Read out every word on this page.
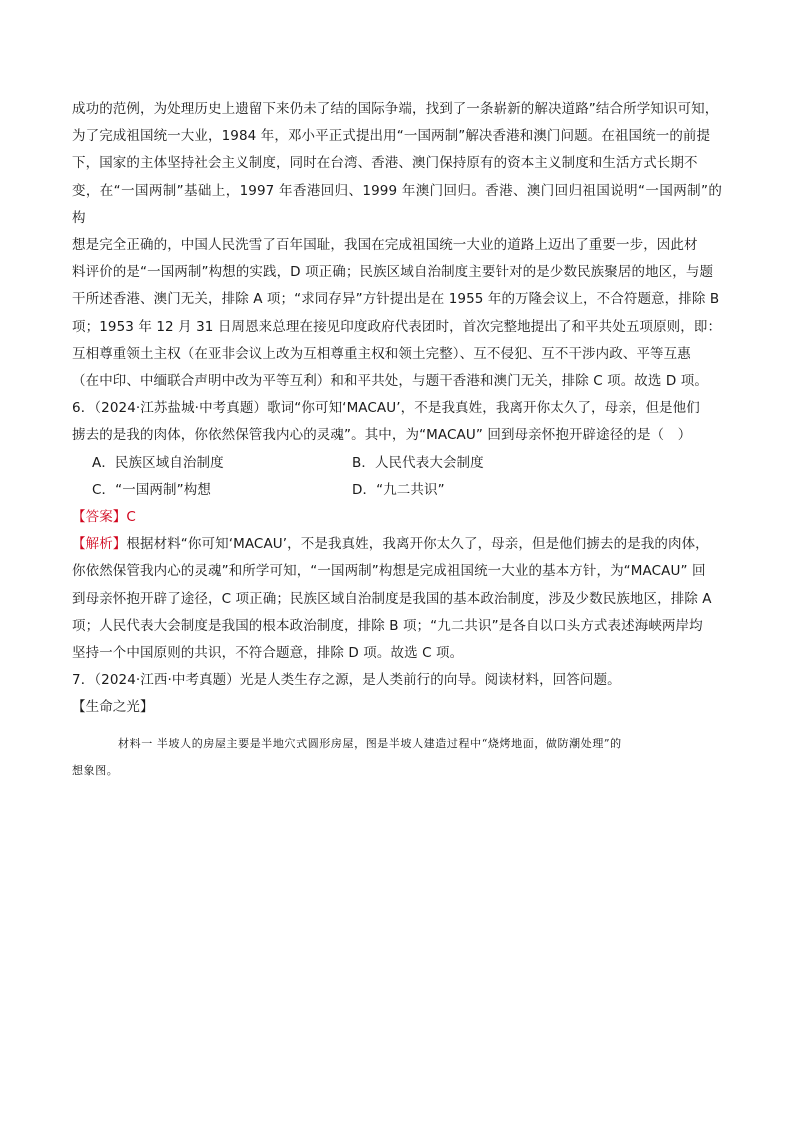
成功的范例，为处理历史上遗留下来仍未了结的国际争端，找到了一条崭新的解决道路”结合所学知识可知，

为了完成祖国统一大业，1984 年，邓小平正式提出用“一国两制”解决香港和澳门问题。在祖国统一的前提

下，国家的主体坚持社会主义制度，同时在台湾、香港、澳门保持原有的资本主义制度和生活方式长期不

变，在“一国两制”基础上，1997 年香港回归、1999 年澳门回归。香港、澳门回归祖国说明“一国两制”的构

想是完全正确的，中国人民洗雪了百年国耻，我国在完成祖国统一大业的道路上迈出了重要一步，因此材

料评价的是“一国两制”构想的实践，D 项正确；民族区域自治制度主要针对的是少数民族聚居的地区，与题

干所述香港、澳门无关，排除 A 项；“求同存异”方针提出是在 1955 年的万隆会议上，不合符题意，排除 B

项；1953 年 12 月 31 日周恩来总理在接见印度政府代表团时，首次完整地提出了和平共处五项原则，即：

互相尊重领土主权（在亚非会议上改为互相尊重主权和领土完整）、互不侵犯、互不干涉内政、平等互惠

（在中印、中缅联合声明中改为平等互利）和和平共处，与题干香港和澳门无关，排除 C 项。故选 D 项。

6．（2024·江苏盐城·中考真题）歌词“你可知‘MACAU’，不是我真姓，我离开你太久了，母亲，但是他们

掳去的是我的肉体，你依然保管我内心的灵魂”。其中，为“MACAU” 回到母亲怀抱开辟途径的是（　）

A．民族区域自治制度	B．人民代表大会制度

C．“一国两制”构想	D．“九二共识”

【答案】C

【解析】根据材料“你可知‘MACAU’，不是我真姓，我离开你太久了，母亲，但是他们掳去的是我的肉体，

你依然保管我内心的灵魂”和所学可知，“一国两制”构想是完成祖国统一大业的基本方针，为“MACAU” 回

到母亲怀抱开辟了途径，C 项正确；民族区域自治制度是我国的基本政治制度，涉及少数民族地区，排除 A

项；人民代表大会制度是我国的根本政治制度，排除 B 项；“九二共识”是各自以口头方式表述海峡两岸均

坚持一个中国原则的共识，不符合题意，排除 D 项。故选 C 项。

7．（2024·江西·中考真题）光是人类生存之源，是人类前行的向导。阅读材料，回答问题。

【生命之光】

材料一 半坡人的房屋主要是半地穴式圆形房屋，图是半坡人建造过程中“烧烤地面，做防潮处理”的
想象图。
